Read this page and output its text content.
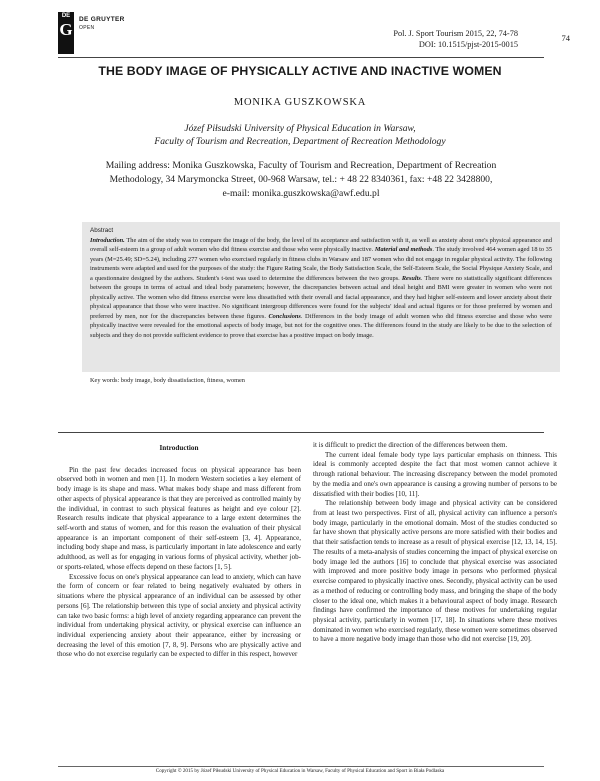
DE
G
DE GRUYTER
OPEN
Pol. J. Sport Tourism 2015, 22, 74-78
DOI: 10.1515/pjst-2015-0015
74
THE BODY IMAGE OF PHYSICALLY ACTIVE AND INACTIVE WOMEN
MONIKA GUSZKOWSKA
Józef Piłsudski University of Physical Education in Warsaw,
Faculty of Tourism and Recreation, Department of Recreation Methodology
Mailing address: Monika Guszkowska, Faculty of Tourism and Recreation, Department of Recreation
Methodology, 34 Marymoncka Street, 00-968 Warsaw, tel.: + 48 22 8340361, fax: +48 22 3428800,
e-mail: monika.guszkowska@awf.edu.pl
Abstract

Introduction. The aim of the study was to compare the image of the body, the level of its acceptance and satisfaction with it, as well as anxiety about one's physical appearance and overall self-esteem in a group of adult women who did fitness exercise and those who were physically inactive. Material and methods. The study involved 464 women aged 18 to 35 years (M=25.49; SD=5.24), including 277 women who exercised regularly in fitness clubs in Warsaw and 187 women who did not engage in regular physical activity. The following instruments were adapted and used for the purposes of the study: the Figure Rating Scale, the Body Satisfaction Scale, the Self-Esteem Scale, the Social Physique Anxiety Scale, and a questionnaire designed by the authors. Student's t-test was used to determine the differences between the two groups. Results. There were no statistically significant differences between the groups in terms of actual and ideal body parameters; however, the discrepancies between actual and ideal height and BMI were greater in women who were not physically active. The women who did fitness exercise were less dissatisfied with their overall and facial appearance, and they had higher self-esteem and lower anxiety about their physical appearance that those who were inactive. No significant intergroup differences were found for the subjects' ideal and actual figures or for those preferred by women and preferred by men, nor for the discrepancies between these figures. Conclusions. Differences in the body image of adult women who did fitness exercise and those who were physically inactive were revealed for the emotional aspects of body image, but not for the cognitive ones. The differences found in the study are likely to be due to the selection of subjects and they do not provide sufficient evidence to prove that exercise has a positive impact on body image.

Key words: body image, body dissatisfaction, fitness, women
Introduction

Pin the past few decades increased focus on physical appearance has been observed both in women and men [1]. In modern Western societies a key element of body image is its shape and mass. What makes body shape and mass different from other aspects of physical appearance is that they are perceived as controlled mainly by the individual, in contrast to such physical features as height and eye colour [2]. Research results indicate that physical appearance to a large extent determines the self-worth and status of women, and for this reason the evaluation of their physical appearance is an important component of their self-esteem [3, 4]. Appearance, including body shape and mass, is particularly important in late adolescence and early adulthood, as well as for engaging in various forms of physical activity, whether job- or sports-related, whose effects depend on these factors [1, 5].

Excessive focus on one's physical appearance can lead to anxiety, which can have the form of concern or fear related to being negatively evaluated by others in situations where the physical appearance of an individual can be assessed by other persons [6]. The relationship between this type of social anxiety and physical activity can take two basic forms: a high level of anxiety regarding appearance can prevent the individual from undertaking physical activity, or physical exercise can influence an individual experiencing anxiety about their appearance, either by increasing or decreasing the level of this emotion [7, 8, 9]. Persons who are physically active and those who do not exercise regularly can be expected to differ in this respect, however

it is difficult to predict the direction of the differences between them.

The current ideal female body type lays particular emphasis on thinness. This ideal is commonly accepted despite the fact that most women cannot achieve it through rational behaviour. The increasing discrepancy between the model promoted by the media and one's own appearance is causing a growing number of persons to be dissatisfied with their bodies [10, 11].

The relationship between body image and physical activity can be considered from at least two perspectives. First of all, physical activity can influence a person's body image, particularly in the emotional domain. Most of the studies conducted so far have shown that physically active persons are more satisfied with their bodies and that their satisfaction tends to increase as a result of physical exercise [12, 13, 14, 15]. The results of a meta-analysis of studies concerning the impact of physical exercise on body image led the authors [16] to conclude that physical exercise was associated with improved and more positive body image in persons who performed physical exercise compared to physically inactive ones. Secondly, physical activity can be used as a method of reducing or controlling body mass, and bringing the shape of the body closer to the ideal one, which makes it a behavioural aspect of body image. Research findings have confirmed the importance of these motives for undertaking regular physical activity, particularly in women [17, 18]. In situations where these motives dominated in women who exercised regularly, these women were sometimes observed to have a more negative body image than those who did not exercise [19, 20].

Copyright © 2015 by Józef Piłsudski University of Physical Education in Warsaw, Faculty of Physical Education and Sport in Biała Podlaska
